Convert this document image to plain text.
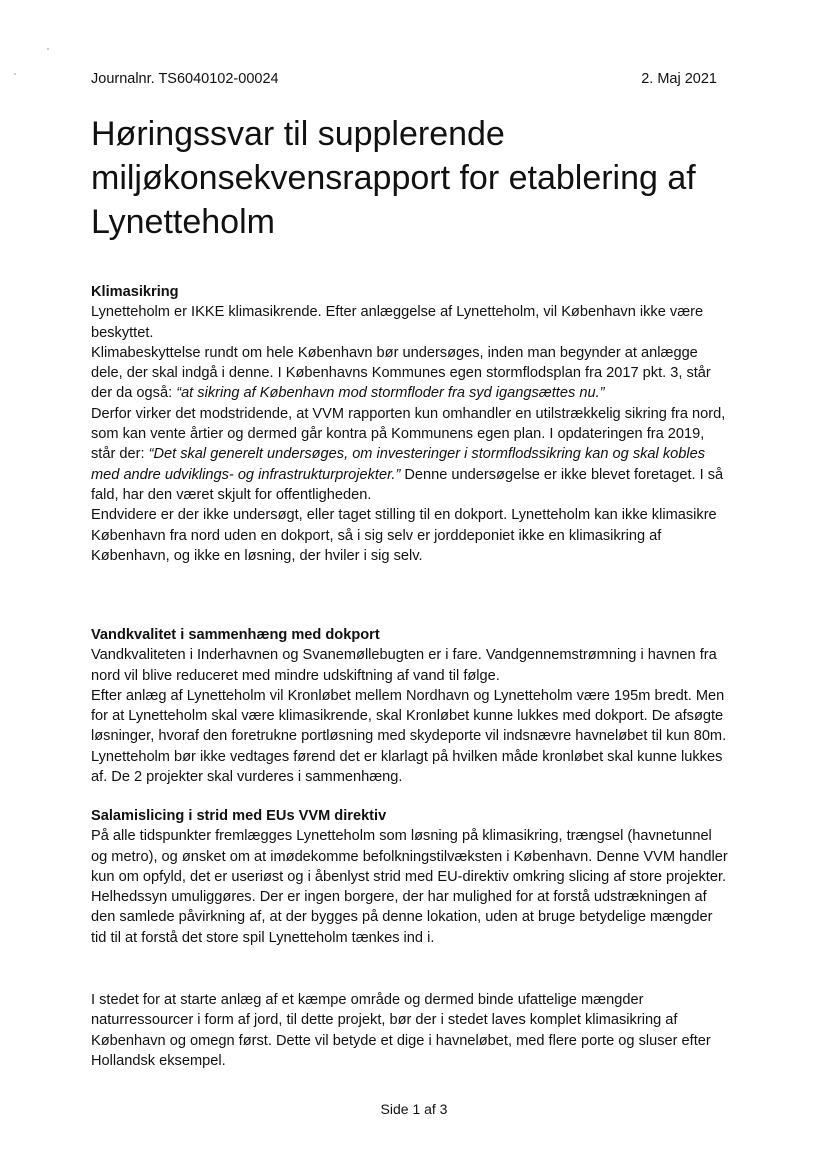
Journalnr. TS6040102-00024	2. Maj 2021
Høringssvar til supplerende miljøkonsekvensrapport for etablering af Lynetteholm
Klimasikring

Lynetteholm er IKKE klimasikrende. Efter anlæggelse af Lynetteholm, vil København ikke være beskyttet.

Klimabeskyttelse rundt om hele København bør undersøges, inden man begynder at anlægge dele, der skal indgå i denne. I Københavns Kommunes egen stormflodsplan fra 2017 pkt. 3, står der da også: “at sikring af København mod stormfloder fra syd igangsættes nu.”

Derfor virker det modstridende, at VVM rapporten kun omhandler en utilstrækkelig sikring fra nord, som kan vente årtier og dermed går kontra på Kommunens egen plan. I opdateringen fra 2019, står der: “Det skal generelt undersøges, om investeringer i stormflodssikring kan og skal kobles med andre udviklings- og infrastrukturprojekter.” Denne undersøgelse er ikke blevet foretaget. I så fald, har den været skjult for offentligheden.

Endvidere er der ikke undersøgt, eller taget stilling til en dokport. Lynetteholm kan ikke klimasikre København fra nord uden en dokport, så i sig selv er jorddeponiet ikke en klimasikring af København, og ikke en løsning, der hviler i sig selv.

Vandkvalitet i sammenhæng med dokport

Vandkvaliteten i Inderhavnen og Svanemøllebugten er i fare. Vandgennemstrømning i havnen fra nord vil blive reduceret med mindre udskiftning af vand til følge.

Efter anlæg af Lynetteholm vil Kronløbet mellem Nordhavn og Lynetteholm være 195m bredt. Men for at Lynetteholm skal være klimasikrende, skal Kronløbet kunne lukkes med dokport. De afsøgte løsninger, hvoraf den foretrukne portløsning med skydeporte vil indsnævre havneløbet til kun 80m. Lynetteholm bør ikke vedtages førend det er klarlagt på hvilken måde kronløbet skal kunne lukkes af. De 2 projekter skal vurderes i sammenhæng.

Salamislicing i strid med EUs VVM direktiv

På alle tidspunkter fremlægges Lynetteholm som løsning på klimasikring, trængsel (havnetunnel og metro), og ønsket om at imødekomme befolkningstilvæksten i København. Denne VVM handler kun om opfyld, det er useriøst og i åbenlyst strid med EU-direktiv omkring slicing af store projekter. Helhedssyn umuliggøres. Der er ingen borgere, der har mulighed for at forstå udstrækningen af den samlede påvirkning af, at der bygges på denne lokation, uden at bruge betydelige mængder tid til at forstå det store spil Lynetteholm tænkes ind i.

I stedet for at starte anlæg af et kæmpe område og dermed binde ufattelige mængder naturressourcer i form af jord, til dette projekt, bør der i stedet laves komplet klimasikring af København og omegn først. Dette vil betyde et dige i havneløbet, med flere porte og sluser efter Hollandsk eksempel.

Side 1 af 3
